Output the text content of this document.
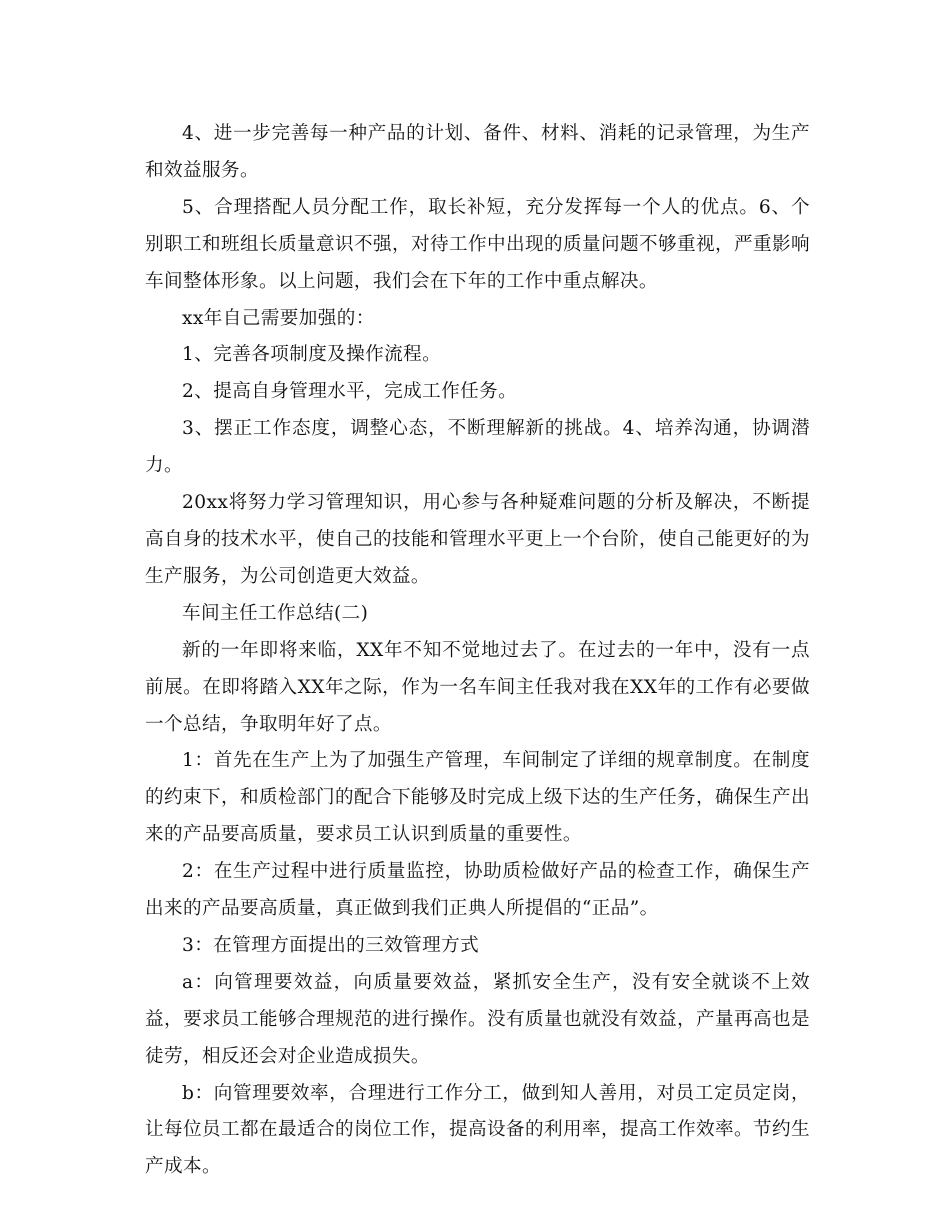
4、进一步完善每一种产品的计划、备件、材料、消耗的记录管理，为生产和效益服务。

5、合理搭配人员分配工作，取长补短，充分发挥每一个人的优点。6、个别职工和班组长质量意识不强，对待工作中出现的质量问题不够重视，严重影响车间整体形象。以上问题，我们会在下年的工作中重点解决。

xx年自己需要加强的：

1、完善各项制度及操作流程。

2、提高自身管理水平，完成工作任务。

3、摆正工作态度，调整心态，不断理解新的挑战。4、培养沟通，协调潜力。

20xx将努力学习管理知识，用心参与各种疑难问题的分析及解决，不断提高自身的技术水平，使自己的技能和管理水平更上一个台阶，使自己能更好的为生产服务，为公司创造更大效益。

车间主任工作总结(二)

新的一年即将来临，XX年不知不觉地过去了。在过去的一年中，没有一点前展。在即将踏入XX年之际，作为一名车间主任我对我在XX年的工作有必要做一个总结，争取明年好了点。

1：首先在生产上为了加强生产管理，车间制定了详细的规章制度。在制度的约束下，和质检部门的配合下能够及时完成上级下达的生产任务，确保生产出来的产品要高质量，要求员工认识到质量的重要性。

2：在生产过程中进行质量监控，协助质检做好产品的检查工作，确保生产出来的产品要高质量，真正做到我们正典人所提倡的“正品”。

3：在管理方面提出的三效管理方式

a：向管理要效益，向质量要效益，紧抓安全生产，没有安全就谈不上效益，要求员工能够合理规范的进行操作。没有质量也就没有效益，产量再高也是徒劳，相反还会对企业造成损失。

b：向管理要效率，合理进行工作分工，做到知人善用，对员工定员定岗，让每位员工都在最适合的岗位工作，提高设备的利用率，提高工作效率。节约生产成本。
